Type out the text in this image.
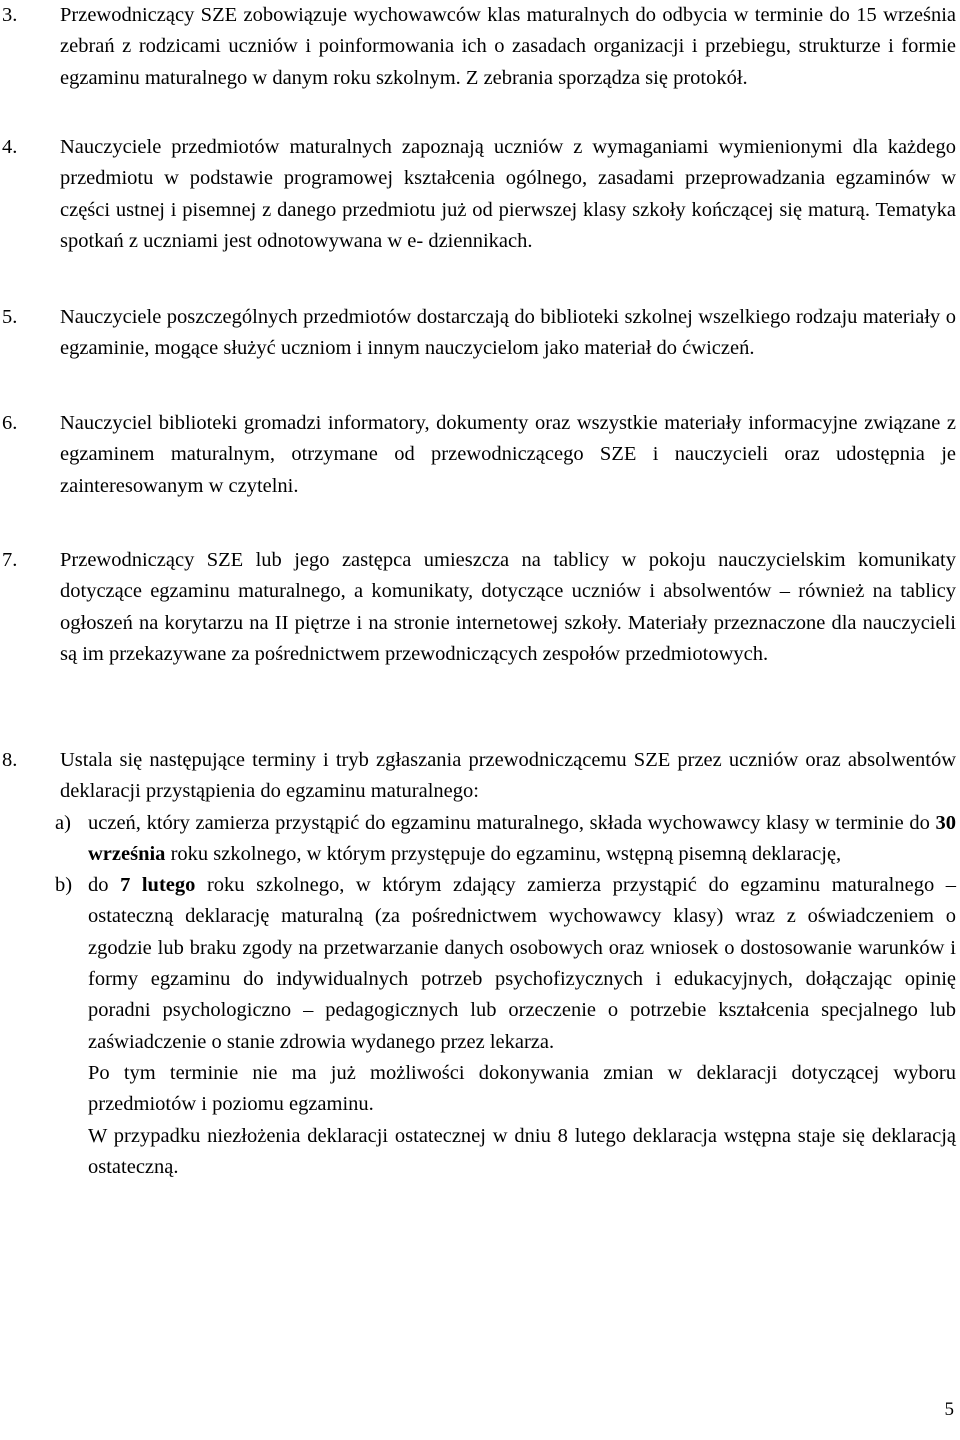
3.	Przewodniczący SZE zobowiązuje wychowawców klas maturalnych do odbycia w terminie do 15 września zebrań z rodzicami uczniów i poinformowania ich o zasadach organizacji i przebiegu, strukturze i formie egzaminu maturalnego w danym roku szkolnym. Z zebrania sporządza się protokół.

4.	Nauczyciele przedmiotów maturalnych zapoznają uczniów z wymaganiami wymienionymi dla każdego przedmiotu w podstawie programowej kształcenia ogólnego, zasadami przeprowadzania egzaminów w części ustnej i pisemnej z danego przedmiotu już od pierwszej klasy szkoły kończącej się maturą. Tematyka spotkań z uczniami jest odnotowywana w e- dziennikach.

5.	Nauczyciele poszczególnych przedmiotów dostarczają do biblioteki szkolnej wszelkiego rodzaju materiały o egzaminie, mogące służyć uczniom i innym nauczycielom jako materiał do ćwiczeń.

6.	Nauczyciel biblioteki gromadzi informatory, dokumenty oraz wszystkie materiały informacyjne związane z egzaminem maturalnym, otrzymane od przewodniczącego SZE i nauczycieli oraz udostępnia je zainteresowanym w czytelni.

7.	Przewodniczący SZE lub jego zastępca umieszcza na tablicy w pokoju nauczycielskim komunikaty dotyczące egzaminu maturalnego, a komunikaty, dotyczące uczniów i absolwentów – również na tablicy ogłoszeń na korytarzu na II piętrze i na stronie internetowej szkoły. Materiały przeznaczone dla nauczycieli są im przekazywane za pośrednictwem przewodniczących zespołów przedmiotowych.

8.	Ustala się następujące terminy i tryb zgłaszania przewodniczącemu SZE przez uczniów oraz absolwentów deklaracji przystąpienia do egzaminu maturalnego:

a) uczeń, który zamierza przystąpić do egzaminu maturalnego, składa wychowawcy klasy w terminie do 30 września roku szkolnego, w którym przystępuje do egzaminu, wstępną pisemną deklarację,

b) do 7 lutego roku szkolnego, w którym zdający zamierza przystąpić do egzaminu maturalnego – ostateczną deklarację maturalną (za pośrednictwem wychowawcy klasy) wraz z oświadczeniem o zgodzie lub braku zgody na przetwarzanie danych osobowych oraz wniosek o dostosowanie warunków i formy egzaminu do indywidualnych potrzeb psychofizycznych i edukacyjnych, dołączając opinię poradni psychologiczno – pedagogicznych lub orzeczenie o potrzebie kształcenia specjalnego lub zaświadczenie o stanie zdrowia wydanego przez lekarza.

Po tym terminie nie ma już możliwości dokonywania zmian w deklaracji dotyczącej wyboru przedmiotów i poziomu egzaminu.

W przypadku niezłożenia deklaracji ostatecznej w dniu 8 lutego deklaracja wstępna staje się deklaracją ostateczną.

5
